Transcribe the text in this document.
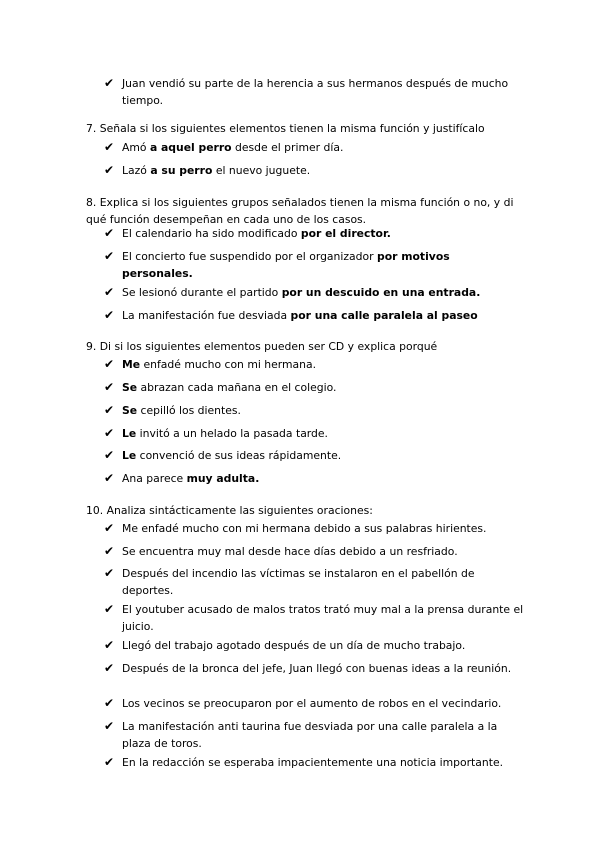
✔ Juan vendió su parte de la herencia a sus hermanos después de mucho tiempo.
7. Señala si los siguientes elementos tienen la misma función y justifícalo
✔ Amó a aquel perro desde el primer día.
✔ Lazó a su perro el nuevo juguete.
8. Explica si los siguientes grupos señalados tienen la misma función o no, y di qué función desempeñan en cada uno de los casos.
✔ El calendario ha sido modificado por el director.
✔ El concierto fue suspendido por el organizador por motivos personales.
✔ Se lesionó durante el partido por un descuido en una entrada.
✔ La manifestación fue desviada por una calle paralela al paseo
9. Di si los siguientes elementos pueden ser CD y explica porqué
✔ Me enfadé mucho con mi hermana.
✔ Se abrazan cada mañana en el colegio.
✔ Se cepilló los dientes.
✔ Le invitó a un helado la pasada tarde.
✔ Le convenció de sus ideas rápidamente.
✔ Ana parece muy adulta.
10. Analiza sintácticamente las siguientes oraciones:
✔ Me enfadé mucho con mi hermana debido a sus palabras hirientes.
✔ Se encuentra muy mal desde hace días debido a un resfriado.
✔ Después del incendio las víctimas se instalaron en el pabellón de deportes.
✔ El youtuber acusado de malos tratos trató muy mal a la prensa durante el juicio.
✔ Llegó del trabajo agotado después de un día de mucho trabajo.
✔ Después de la bronca del jefe, Juan llegó con buenas ideas a la reunión.
✔ Los vecinos se preocuparon por el aumento de robos en el vecindario.
✔ La manifestación anti taurina fue desviada por una calle paralela a la plaza de toros.
✔ En la redacción se esperaba impacientemente una noticia importante.
